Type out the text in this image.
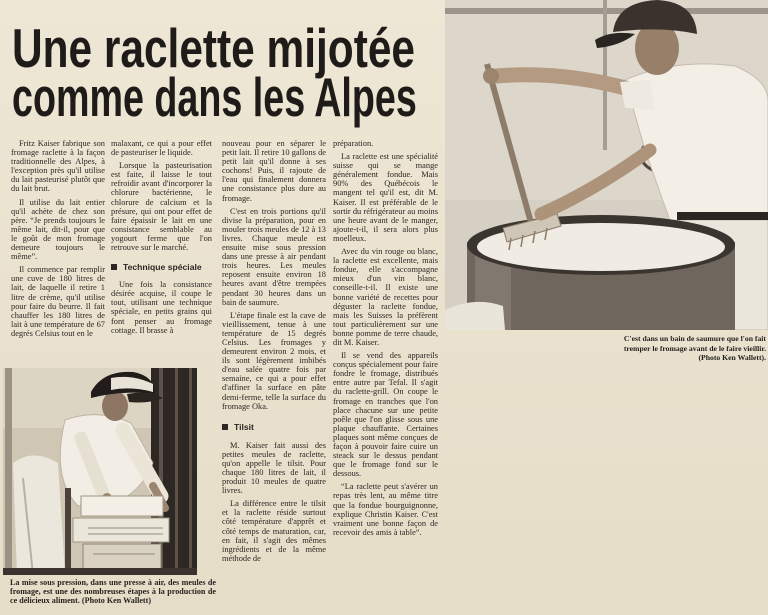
Une raclette mijotée
comme dans les Alpes

Fritz Kaiser fabrique son fromage raclette à la façon traditionnelle des Alpes, à l'exception près qu'il utilise du lait pasteurisé plutôt que du lait brut.

Il utilise du lait entier qu'il achète de chez son père. “Je prends toujours le même lait, dit-il, pour que le goût de mon fromage demeure toujours le même”.

Il commence par remplir une cuve de 180 litres de lait, de laquelle il retire 1 litre de crème, qu'il utilise pour faire du beurre. Il fait chauffer les 180 litres de lait à une température de 67 degrés Celsius tout en le

malaxant, ce qui a pour effet de pasteuriser le liquide.

Lorsque la pasteurisation est faite, il laisse le tout refroidir avant d'incorporer la chlorure bactérienne, le chlorure de calcium et la présure, qui ont pour effet de faire épaissir le lait en une consistance semblable au yogourt ferme que l'on retrouve sur le marché.

Technique spéciale

Une fois la consistance désirée acquise, il coupe le tout, utilisant une technique spéciale, en petits grains qui font penser au fromage cottage. Il brasse à

nouveau pour en séparer le petit lait. Il retire 10 gallons de petit lait qu'il donne à ses cochons! Puis, il rajoute de l'eau qui finalement donnera une consistance plus dure au fromage.

C'est en trois portions qu'il divise la préparation, pour en mouler trois meules de 12 à 13 livres. Chaque meule est ensuite mise sous pression dans une presse à air pendant trois heures. Les meules reposent ensuite environ 18 heures avant d'être trempées pendant 30 heures dans un bain de saumure.

L'étape finale est la cave de vieillissement, tenue à une température de 15 degrés Celsius. Les fromages y demeurent environ 2 mois, et ils sont légèrement imbibés d'eau salée quatre fois par semaine, ce qui a pour effet d'affiner la surface en pâte demi-ferme, telle la surface du fromage Oka.

Tilsit

M. Kaiser fait aussi des petites meules de raclette, qu'on appelle le tilsit. Pour chaque 180 litres de lait, il produit 10 meules de quatre livres.

La différence entre le tilsit et la raclette réside surtout côté température d'apprêt et côté temps de maturation, car, en fait, il s'agit des mêmes ingrédients et de la même méthode de

préparation.

La raclette est une spécialité suisse qui se mange généralement fondue. Mais 90% des Québécois le mangent tel qu'il est, dit M. Kaiser. Il est préférable de le sortir du réfrigérateur au moins une heure avant de le manger, ajoute-t-il, il sera alors plus moelleux.

Avec du vin rouge ou blanc, la raclette est excellente, mais fondue, elle s'accompagne mieux d'un vin blanc, conseille-t-il. Il existe une bonne variété de recettes pour déguster la raclette fondue, mais les Suisses la préfèrent tout particulièrement sur une bonne pomme de terre chaude, dit M. Kaiser.

Il se vend des appareils conçus spécialement pour faire fondre le fromage, distribués entre autre par Tefal. Il s'agit du raclette-grill. On coupe le fromage en tranches que l'on place chacune sur une petite poêle que l'on glisse sous une plaque chauffante. Certaines plaques sont même conçues de façon à pouvoir faire cuire un steack sur le dessus pendant que le fromage fond sur le dessous.

“La raclette peut s'avérer un repas très lent, au même titre que la fondue bourguignonne, explique Christin Kaiser. C'est vraiment une bonne façon de recevoir des amis à table”.

La mise sous pression, dans une presse à air, des meules de fromage, est une des nombreuses étapes à la production de ce délicieux aliment. (Photo Ken Wallett)
C'est dans un bain de saumure que l'on fait tremper le fromage avant de le faire vieillir. (Photo Ken Wallett).
